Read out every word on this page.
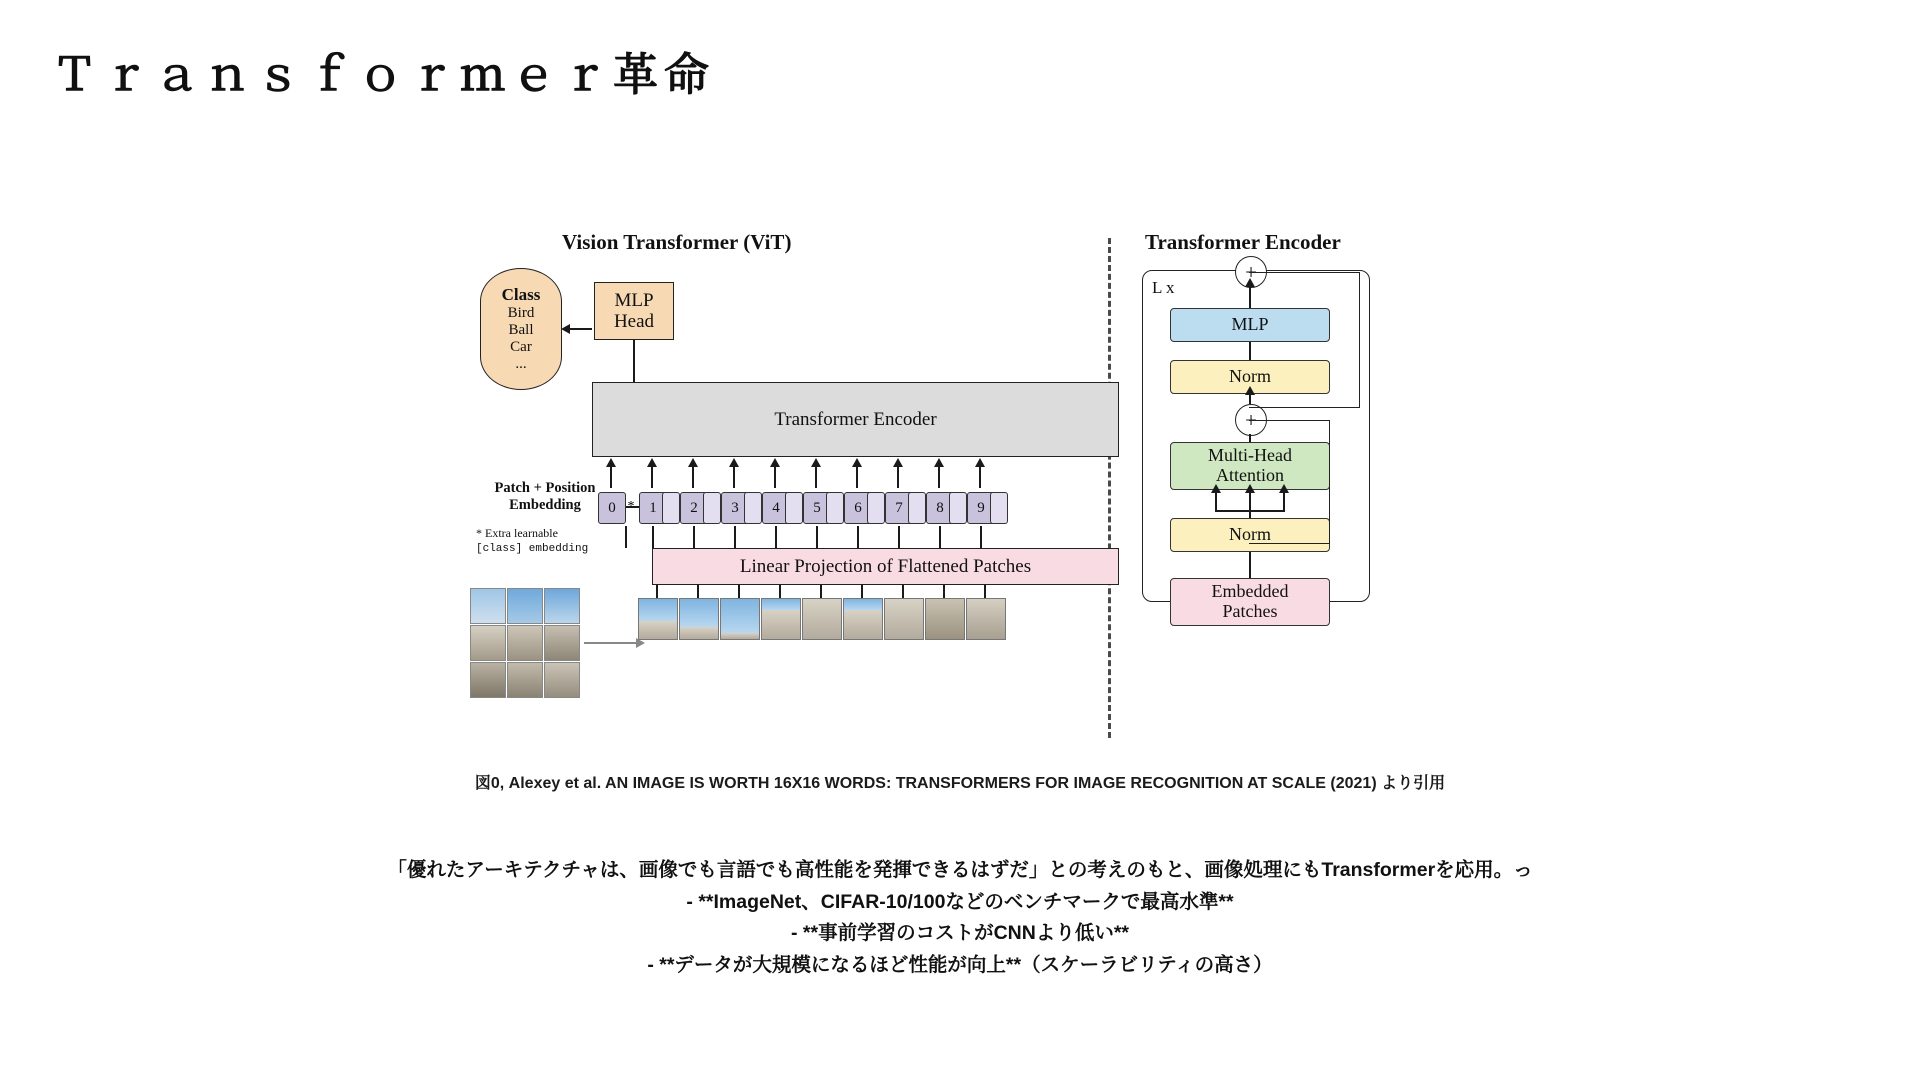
Ｔｒａｎｓｆｏｒｍｅｒ革命
Vision Transformer (ViT)	Transformer Encoder
Class
Bird
Ball
Car
...
MLP
Head
Transformer Encoder
Patch + Position
Embedding
* Extra learnable
[class] embedding
0 * 1	2	3	4	5	6	7	8	9
Linear Projection of Flattened Patches
L x
+
+
MLP
Norm
Multi-Head
Attention
Norm
Embedded
Patches
図0, Alexey et al. AN IMAGE IS WORTH 16X16 WORDS: TRANSFORMERS FOR IMAGE RECOGNITION AT SCALE (2021) より引用
「優れたアーキテクチャは、画像でも言語でも高性能を発揮できるはずだ」との考えのもと、画像処理にもTransformerを応用。っ
- **ImageNet、CIFAR-10/100などのベンチマークで最高水準**
- **事前学習のコストがCNNより低い**
- **データが大規模になるほど性能が向上**（スケーラビリティの高さ）
